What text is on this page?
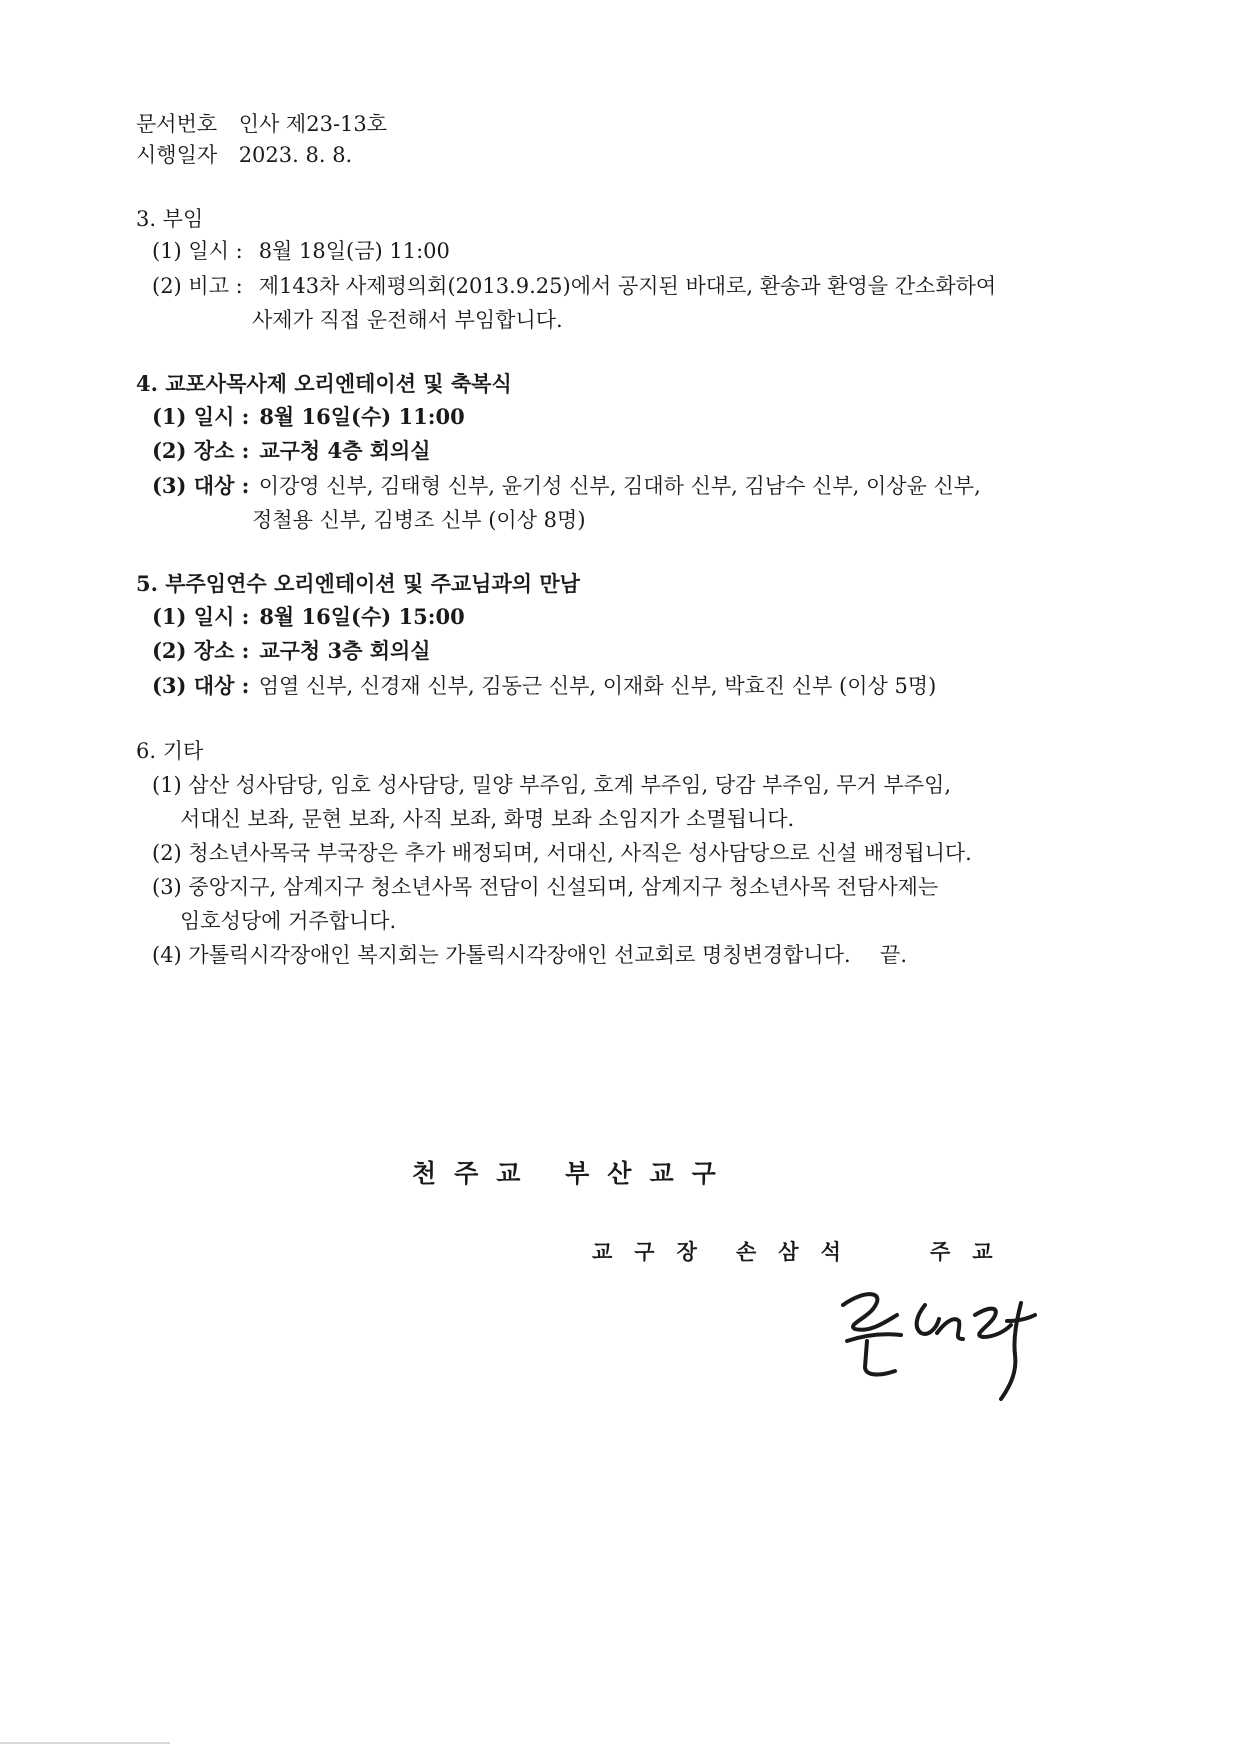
문서번호 인사 제23-13호
시행일자 2023. 8. 8.
3. 부임
(1) 일시 : 8월 18일(금) 11:00
(2) 비고 : 제143차 사제평의회(2013.9.25)에서 공지된 바대로, 환송과 환영을 간소화하여
사제가 직접 운전해서 부임합니다.
4. 교포사목사제 오리엔테이션 및 축복식
(1) 일시 : 8월 16일(수) 11:00
(2) 장소 : 교구청 4층 회의실
(3) 대상 : 이강영 신부, 김태형 신부, 윤기성 신부, 김대하 신부, 김남수 신부, 이상윤 신부,
정철용 신부, 김병조 신부 (이상 8명)
5. 부주임연수 오리엔테이션 및 주교님과의 만남
(1) 일시 : 8월 16일(수) 15:00
(2) 장소 : 교구청 3층 회의실
(3) 대상 : 엄열 신부, 신경재 신부, 김동근 신부, 이재화 신부, 박효진 신부 (이상 5명)
6. 기타
(1) 삼산 성사담당, 임호 성사담당, 밀양 부주임, 호계 부주임, 당감 부주임, 무거 부주임,
서대신 보좌, 문현 보좌, 사직 보좌, 화명 보좌 소임지가 소멸됩니다.
(2) 청소년사목국 부국장은 추가 배정되며, 서대신, 사직은 성사담당으로 신설 배정됩니다.
(3) 중앙지구, 삼계지구 청소년사목 전담이 신설되며, 삼계지구 청소년사목 전담사제는
임호성당에 거주합니다.
(4) 가톨릭시각장애인 복지회는 가톨릭시각장애인 선교회로 명칭변경합니다. 끝.
천주교 부산교구
교구장 손삼석	주교
